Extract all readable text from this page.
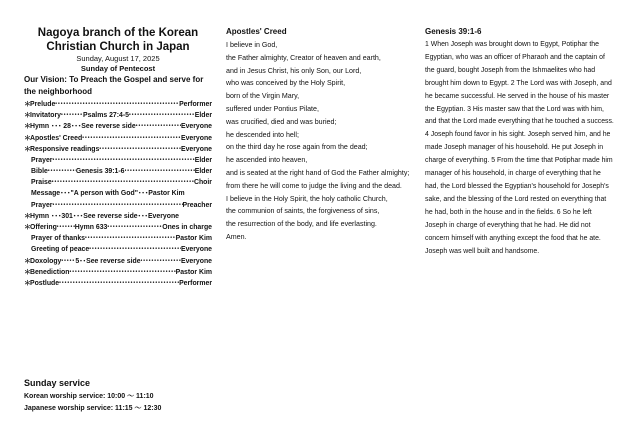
Nagoya branch of the Korean
Christian Church in Japan
Sunday, August 17, 2025
Sunday of Pentecost
Our Vision: To Preach the Gospel and serve for the neighborhood
＊ Prelude •••••	Performer
＊ Invitatory •••••	Psalms 27:4-5 •••••	Elder
＊ Hymn ･･･ 28･･･See reverse side •••••	Everyone
＊ Apostles' Creed •••••	Everyone
＊ Responsive readings •••••	Everyone
Prayer •••••	Elder
Bible •••••	Genesis 39:1-6 •••••	Elder
Praise •••••	Choir
Message･･･"A person with God"･･･Pastor Kim
Prayer •••••	Preacher
＊ Hymn ･･･301･･･See reverse side･･･Everyone
＊ Offering •••••	Hymn 633 •••••	Ones in charge
Prayer of thanks •••••	Pastor Kim
Greeting of peace •••••	Everyone
＊ Doxology ••••• 5･･See reverse side •••••	Everyone
＊ Benediction •••••	Pastor Kim
＊ Postlude •••••	Performer
Sunday service
Korean worship service: 10:00 ～ 11:10
Japanese worship service: 11:15 ～ 12:30
Apostles' Creed
I believe in God,
the Father almighty, Creator of heaven and earth,
and in Jesus Christ, his only Son, our Lord,
who was conceived by the Holy Spirit,
born of the Virgin Mary,
suffered under Pontius Pilate,
was crucified, died and was buried;
he descended into hell;
on the third day he rose again from the dead;
he ascended into heaven,
and is seated at the right hand of God the Father almighty;
from there he will come to judge the living and the dead.
I believe in the Holy Spirit, the holy catholic Church,
the communion of saints, the forgiveness of sins,
the resurrection of the body, and life everlasting.
Amen.
Genesis 39:1-6
1 When Joseph was brought down to Egypt, Potiphar the Egyptian, who was an officer of Pharaoh and the captain of the guard, bought Joseph from the Ishmaelites who had brought him down to Egypt. 2 The Lord was with Joseph, and he became successful. He served in the house of his master the Egyptian. 3 His master saw that the Lord was with him, and that the Lord made everything that he touched a success. 4 Joseph found favor in his sight. Joseph served him, and he made Joseph manager of his household. He put Joseph in charge of everything. 5 From the time that Potiphar made him manager of his household, in charge of everything that he had, the Lord blessed the Egyptian's household for Joseph's sake, and the blessing of the Lord rested on everything that he had, both in the house and in the fields. 6 So he left Joseph in charge of everything that he had. He did not concern himself with anything except the food that he ate.
Joseph was well built and handsome.
